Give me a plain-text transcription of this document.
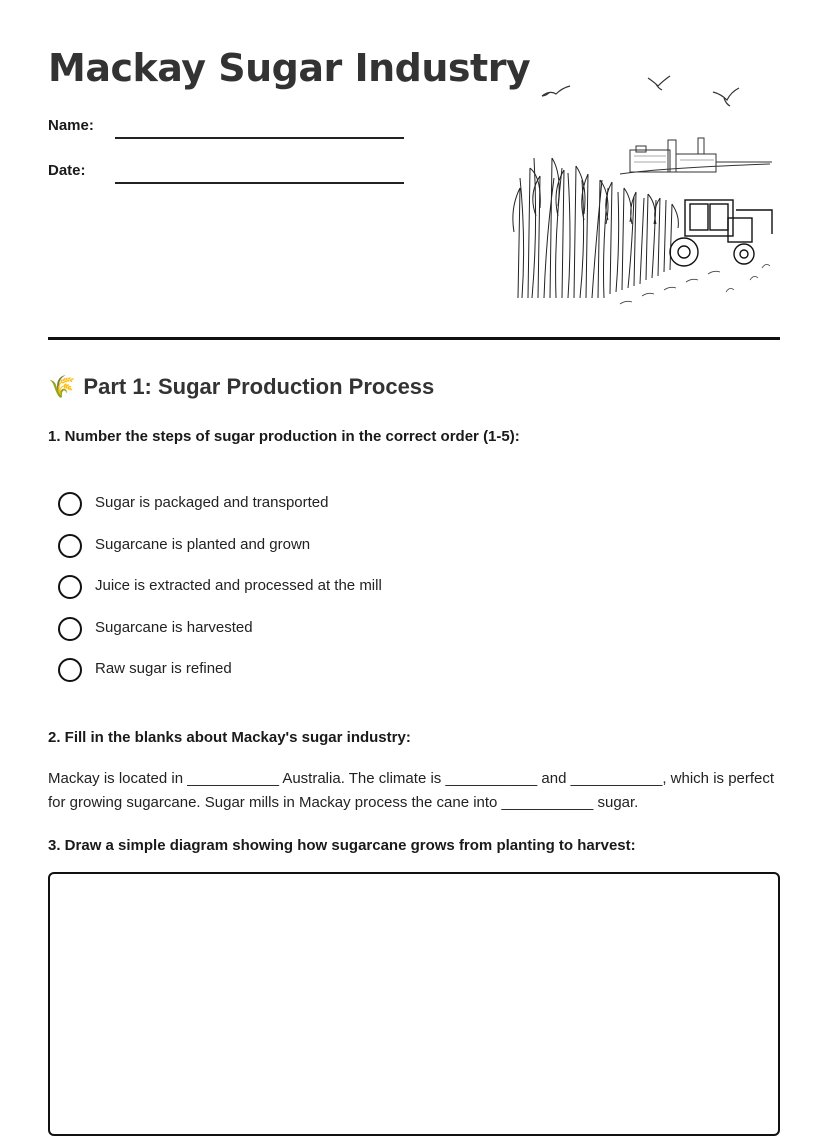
Mackay Sugar Industry
Name:
Date:
🌾 Part 1: Sugar Production Process
1. Number the steps of sugar production in the correct order (1-5):
Sugar is packaged and transported
Sugarcane is planted and grown
Juice is extracted and processed at the mill
Sugarcane is harvested
Raw sugar is refined
2. Fill in the blanks about Mackay's sugar industry:

Mackay is located in ___________ Australia. The climate is ___________ and ___________, which is perfect for growing sugarcane. Sugar mills in Mackay process the cane into ___________ sugar.

3. Draw a simple diagram showing how sugarcane grows from planting to harvest:
